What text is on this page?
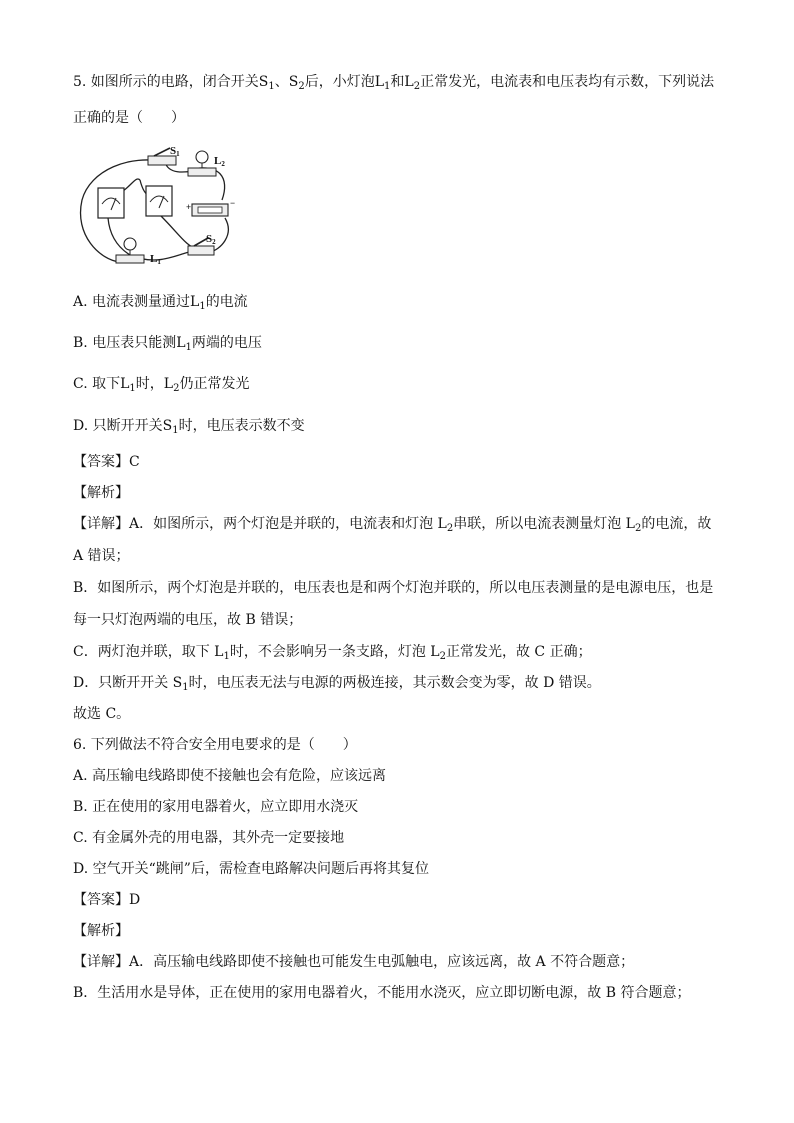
5. 如图所示的电路，闭合开关$S_1$、$S_2$后，小灯泡$L_1$和$L_2$正常发光，电流表和电压表均有示数，下列说法
正确的是（　　）
S1
L2
S2
L1
+	−
A. 电流表测量通过$L_1$的电流
B. 电压表只能测$L_1$两端的电压
C. 取下$L_1$时，$L_2$仍正常发光
D. 只断开开关$S_1$时，电压表示数不变
【答案】C
【解析】
【详解】A．如图所示，两个灯泡是并联的，电流表和灯泡 $L_2$串联，所以电流表测量灯泡 $L_2$的电流，故
A 错误；
B．如图所示，两个灯泡是并联的，电压表也是和两个灯泡并联的，所以电压表测量的是电源电压，也是
每一只灯泡两端的电压，故 B 错误；
C．两灯泡并联，取下 $L_1$时，不会影响另一条支路，灯泡 $L_2$正常发光，故 C 正确；
D．只断开开关 $S_1$时，电压表无法与电源的两极连接，其示数会变为零，故 D 错误。
故选 C。
6. 下列做法不符合安全用电要求的是（　　）
A. 高压输电线路即使不接触也会有危险，应该远离
B. 正在使用的家用电器着火，应立即用水浇灭
C. 有金属外壳的用电器，其外壳一定要接地
D. 空气开关“跳闸”后，需检查电路解决问题后再将其复位
【答案】D
【解析】
【详解】A．高压输电线路即使不接触也可能发生电弧触电，应该远离，故 A 不符合题意；
B．生活用水是导体，正在使用的家用电器着火，不能用水浇灭，应立即切断电源，故 B 符合题意；
